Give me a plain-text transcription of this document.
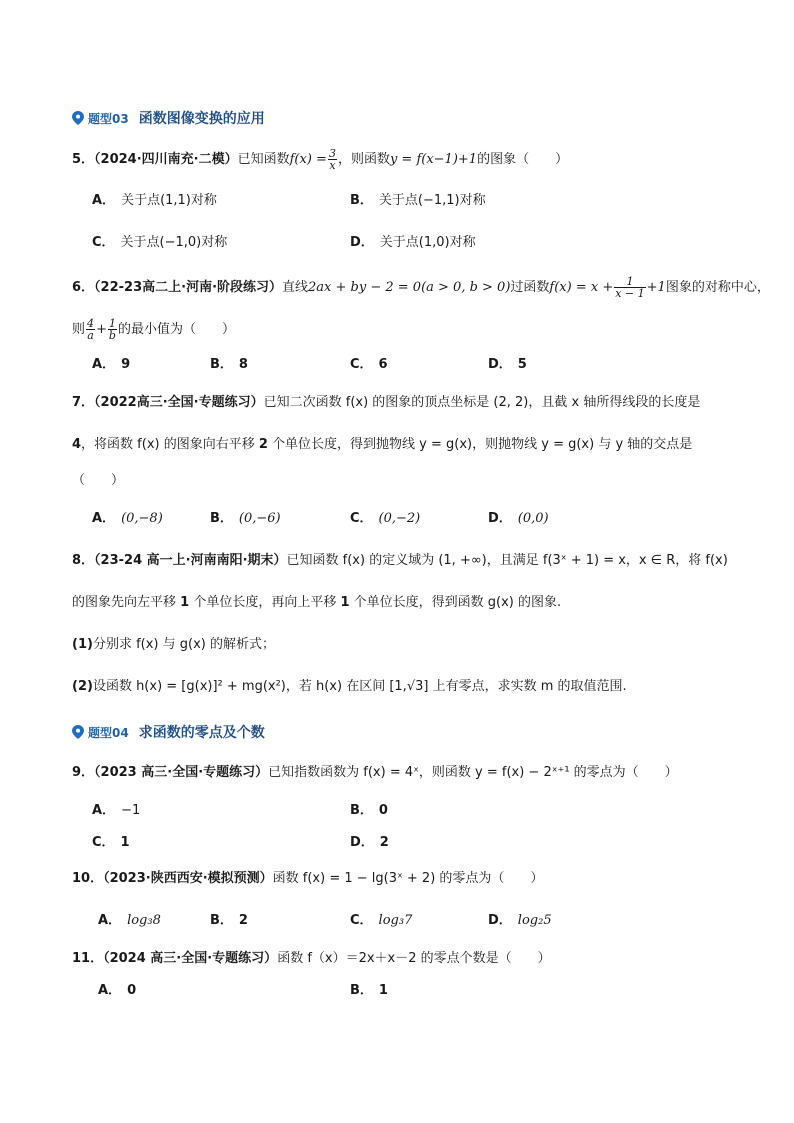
题型03 函数图像变换的应用
5．（2024·四川南充·二模）已知函数$f(x) = \frac{3}{x}$ ，则函数y = f(x−1)+1的图象（　　）
A． 关于点(1,1)对称	B． 关于点(−1,1)对称
C． 关于点(−1,0)对称	D． 关于点(1,0)对称
6．（22-23高二上·河南·阶段练习）直线2ax + by − 2 = 0(a > 0, b > 0)过函数$f(x) = x + \frac{1}{x - 1} +1$图象的对称中心，
则 $\frac{4}{a} + \frac{1}{b}$ 的最小值为（　　）
A． 9	B． 8	C． 6	D． 5
7．（2022高三·全国·专题练习）已知二次函数 f(x) 的图象的顶点坐标是 (2, 2)，且截 x 轴所得线段的长度是
4，将函数 f(x) 的图象向右平移 2 个单位长度，得到抛物线 y = g(x)，则抛物线 y = g(x) 与 y 轴的交点是
（　　）
A． (0,−8)	B． (0,−6)	C． (0,−2)	D． (0,0)
8．（23-24 高一上·河南南阳·期末）已知函数 f(x) 的定义域为 (1, +∞)，且满足 f(3ˣ + 1) = x，x ∈ R，将 f(x)
的图象先向左平移 1 个单位长度，再向上平移 1 个单位长度，得到函数 g(x) 的图象.
(1)分别求 f(x) 与 g(x) 的解析式；
(2)设函数 h(x) = [g(x)]² + mg(x²)，若 h(x) 在区间 [1,√3] 上有零点，求实数 m 的取值范围.
题型04 求函数的零点及个数
9．（2023 高三·全国·专题练习）已知指数函数为 f(x) = 4ˣ，则函数 y = f(x) − 2ˣ⁺¹ 的零点为（　　）
A． −1	B． 0
C． 1	D． 2
10．（2023·陕西西安·模拟预测）函数 f(x) = 1 − lg(3ˣ + 2) 的零点为（　　）
A． log₃8	B． 2	C． log₃7	D． log₂5
11．（2024 高三·全国·专题练习）函数 f（x）＝2x＋x－2 的零点个数是（　　）
A． 0	B． 1
